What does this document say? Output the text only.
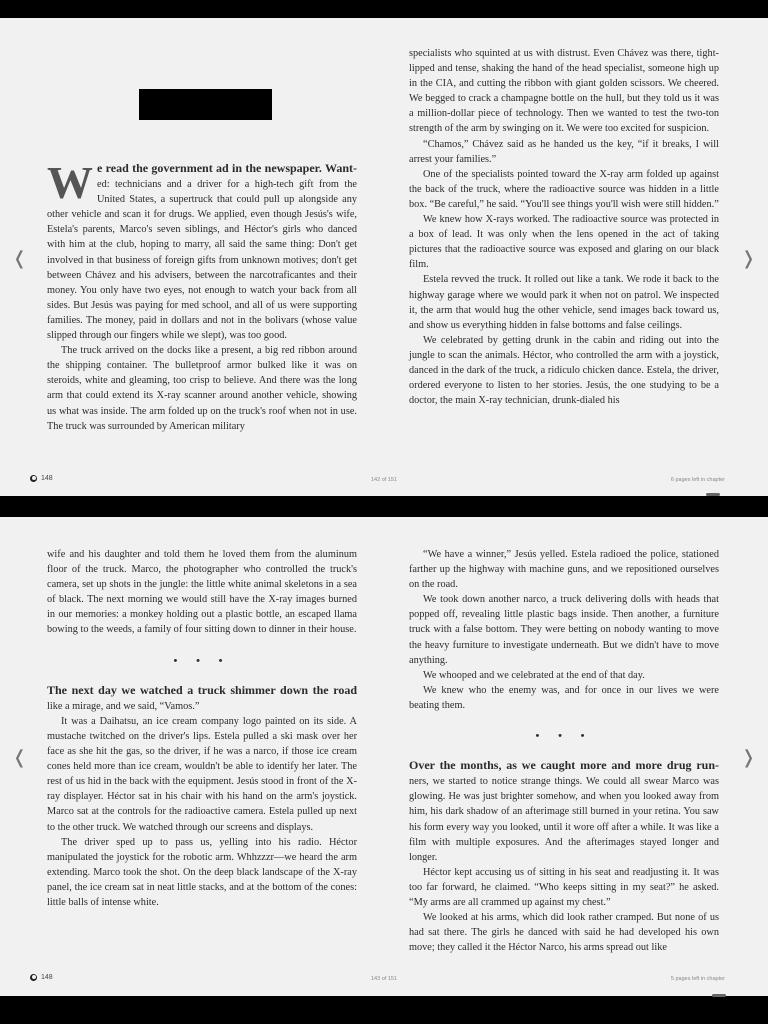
W e read the government ad in the newspaper. Want- ed: technicians and a driver for a high-tech gift from the United States, a supertruck that could pull up alongside any other vehicle and scan it for drugs. We applied, even though Jesús's wife, Estela's parents, Marco's seven siblings, and Héctor's girls who danced with him at the club, hoping to marry, all said the same thing: Don't get involved in that business of foreign gifts from unknown motives; don't get between Chávez and his advisers, between the narcotraficantes and their money. You only have two eyes, not enough to watch your back from all sides. But Jesús was paying for med school, and all of us were supporting families. The money, paid in dollars and not in the bolivars (whose value slipped through our fingers while we slept), was too good.

The truck arrived on the docks like a present, a big red ribbon around the shipping container. The bulletproof armor bulked like it was on steroids, white and gleaming, too crisp to believe. And there was the long arm that could extend its X-ray scanner around another vehicle, showing us what was inside. The arm folded up on the truck's roof when not in use. The truck was surrounded by American military

specialists who squinted at us with distrust. Even Chávez was there, tight-lipped and tense, shaking the hand of the head specialist, someone high up in the CIA, and cutting the ribbon with giant golden scissors. We cheered. We begged to crack a champagne bottle on the hull, but they told us it was a million-dollar piece of technology. Then we wanted to test the two-ton strength of the arm by swinging on it. We were too excited for suspicion.

“Chamos,” Chávez said as he handed us the key, “if it breaks, I will arrest your families.”

One of the specialists pointed toward the X-ray arm folded up against the back of the truck, where the radioactive source was hidden in a little box. “Be careful,” he said. “You'll see things you'll wish were still hidden.”

We knew how X-rays worked. The radioactive source was protected in a box of lead. It was only when the lens opened in the act of taking pictures that the radioactive source was exposed and glaring on our black film.

Estela revved the truck. It rolled out like a tank. We rode it back to the highway garage where we would park it when not on patrol. We inspected it, the arm that would hug the other vehicle, send images back toward us, and show us everything hidden in false bottoms and false ceilings.

We celebrated by getting drunk in the cabin and riding out into the jungle to scan the animals. Héctor, who controlled the arm with a joystick, danced in the dark of the truck, a ridículo chicken dance. Estela, the driver, ordered everyone to listen to her stories. Jesús, the one studying to be a doctor, the main X-ray technician, drunk-dialed his

❬	❭
148	142 of 151	6 pages left in chapter

wife and his daughter and told them he loved them from the aluminum floor of the truck. Marco, the photographer who controlled the truck's camera, set up shots in the jungle: the little white animal skeletons in a sea of black. The next morning we would still have the X-ray images burned in our memories: a monkey holding out a plastic bottle, an escaped llama bowing to the weeds, a family of four sitting down to dinner in their house.

• • •

The next day we watched a truck shimmer down the road like a mirage, and we said, “Vamos.”

It was a Daihatsu, an ice cream company logo painted on its side. A mustache twitched on the driver's lips. Estela pulled a ski mask over her face as she hit the gas, so the driver, if he was a narco, if those ice cream cones held more than ice cream, wouldn't be able to identify her later. The rest of us hid in the back with the equipment. Jesús stood in front of the X-ray displayer. Héctor sat in his chair with his hand on the arm's joystick. Marco sat at the controls for the radioactive camera. Estela pulled up next to the other truck. We watched through our screens and displays.

The driver sped up to pass us, yelling into his radio. Héctor manipulated the joystick for the robotic arm. Whhzzzr—we heard the arm extending. Marco took the shot. On the deep black landscape of the X-ray panel, the ice cream sat in neat little stacks, and at the bottom of the cones: little balls of intense white.

“We have a winner,” Jesús yelled. Estela radioed the police, stationed farther up the highway with machine guns, and we repositioned ourselves on the road.

We took down another narco, a truck delivering dolls with heads that popped off, revealing little plastic bags inside. Then another, a furniture truck with a false bottom. They were betting on nobody wanting to move the heavy furniture to investigate underneath. But we didn't have to move anything.

We whooped and we celebrated at the end of that day.

We knew who the enemy was, and for once in our lives we were beating them.

• • •

Over the months, as we caught more and more drug run- ners, we started to notice strange things. We could all swear Marco was glowing. He was just brighter somehow, and when you looked away from him, his dark shadow of an afterimage still burned in your retina. You saw his form every way you looked, until it wore off after a while. It was like a film with multiple exposures. And the afterimages stayed longer and longer.

Héctor kept accusing us of sitting in his seat and readjusting it. It was too far forward, he claimed. “Who keeps sitting in my seat?” he asked. “My arms are all crammed up against my chest.”

We looked at his arms, which did look rather cramped. But none of us had sat there. The girls he danced with said he had developed his own move; they called it the Héctor Narco, his arms spread out like

❬	❭
148	143 of 151	5 pages left in chapter
